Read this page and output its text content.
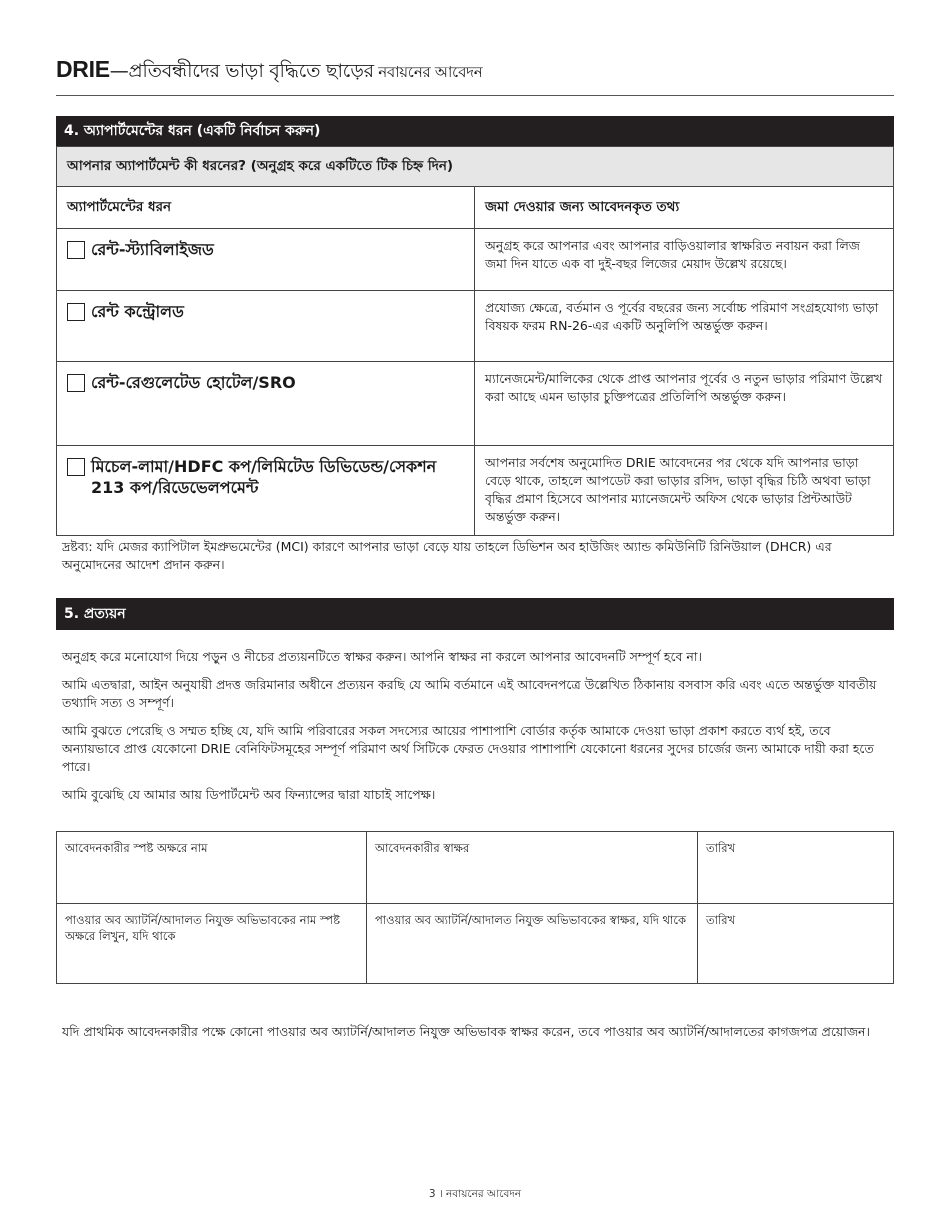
DRIE—প্রতিবন্ধীদের ভাড়া বৃদ্ধিতে ছাড়ের নবায়নের আবেদন
4. অ্যাপার্টমেন্টের ধরন (একটি নির্বাচন করুন)
আপনার অ্যাপার্টমেন্ট কী ধরনের? (অনুগ্রহ করে একটিতে টিক চিহ্ন দিন)	
অ্যাপার্টমেন্টের ধরন	জমা দেওয়ার জন্য আবেদনকৃত তথ্য

রেন্ট-স্ট্যাবিলাইজড	অনুগ্রহ করে আপনার এবং আপনার বাড়িওয়ালার স্বাক্ষরিত নবায়ন করা লিজ জমা দিন যাতে এক বা দুই-বছর লিজের মেয়াদ উল্লেখ রয়েছে।

রেন্ট কন্ট্রোলড	প্রযোজ্য ক্ষেত্রে, বর্তমান ও পূর্বের বছরের জন্য সর্বোচ্চ পরিমাণ সংগ্রহযোগ্য ভাড়া বিষয়ক ফরম RN-26-এর একটি অনুলিপি অন্তর্ভুক্ত করুন।

রেন্ট-রেগুলেটেড হোটেল/SRO	ম্যানেজমেন্ট/মালিকের থেকে প্রাপ্ত আপনার পূর্বের ও নতুন ভাড়ার পরিমাণ উল্লেখ করা আছে এমন ভাড়ার চুক্তিপত্রের প্রতিলিপি অন্তর্ভুক্ত করুন।

মিচেল-লামা/HDFC কপ/লিমিটেড ডিভিডেন্ড/সেকশন 213 কপ/রিডেভেলপমেন্ট	আপনার সর্বশেষ অনুমোদিত DRIE আবেদনের পর থেকে যদি আপনার ভাড়া বেড়ে থাকে, তাহলে আপডেট করা ভাড়ার রসিদ, ভাড়া বৃদ্ধির চিঠি অথবা ভাড়া বৃদ্ধির প্রমাণ হিসেবে আপনার ম্যানেজমেন্ট অফিস থেকে ভাড়ার প্রিন্টআউট অন্তর্ভুক্ত করুন।
দ্রষ্টব্য: যদি মেজর ক্যাপিটাল ইমপ্রুভমেন্টের (MCI) কারণে আপনার ভাড়া বেড়ে যায় তাহলে ডিভিশন অব হাউজিং অ্যান্ড কমিউনিটি রিনিউয়াল (DHCR) এর অনুমোদনের আদেশ প্রদান করুন।
5. প্রত্যয়ন

অনুগ্রহ করে মনোযোগ দিয়ে পড়ুন ও নীচের প্রত্যয়নটিতে স্বাক্ষর করুন। আপনি স্বাক্ষর না করলে আপনার আবেদনটি সম্পূর্ণ হবে না।

আমি এতদ্বারা, আইন অনুযায়ী প্রদত্ত জরিমানার অধীনে প্রত্যয়ন করছি যে আমি বর্তমানে এই আবেদনপত্রে উল্লেখিত ঠিকানায় বসবাস করি এবং এতে অন্তর্ভুক্ত যাবতীয় তথ্যাদি সত্য ও সম্পূর্ণ।

আমি বুঝতে পেরেছি ও সম্মত হচ্ছি যে, যদি আমি পরিবারের সকল সদস্যের আয়ের পাশাপাশি বোর্ডার কর্তৃক আমাকে দেওয়া ভাড়া প্রকাশ করতে ব্যর্থ হই, তবে অন্যায়ভাবে প্রাপ্ত যেকোনো DRIE বেনিফিটসমূহের সম্পূর্ণ পরিমাণ অর্থ সিটিকে ফেরত দেওয়ার পাশাপাশি যেকোনো ধরনের সুদের চার্জের জন্য আমাকে দায়ী করা হতে পারে।

আমি বুঝেছি যে আমার আয় ডিপার্টমেন্ট অব ফিন্যান্সের দ্বারা যাচাই সাপেক্ষ।

আবেদনকারীর স্পষ্ট অক্ষরে নাম	আবেদনকারীর স্বাক্ষর	তারিখ
পাওয়ার অব অ্যাটর্নি/আদালত নিযুক্ত অভিভাবকের নাম স্পষ্ট অক্ষরে লিখুন, যদি থাকে	পাওয়ার অব অ্যাটর্নি/আদালত নিযুক্ত অভিভাবকের স্বাক্ষর, যদি থাকে	তারিখ
যদি প্রাথমিক আবেদনকারীর পক্ষে কোনো পাওয়ার অব অ্যাটর্নি/আদালত নিযুক্ত অভিভাবক স্বাক্ষর করেন, তবে পাওয়ার অব অ্যাটর্নি/আদালতের কাগজপত্র প্রয়োজন।
3 । নবায়নের আবেদন
